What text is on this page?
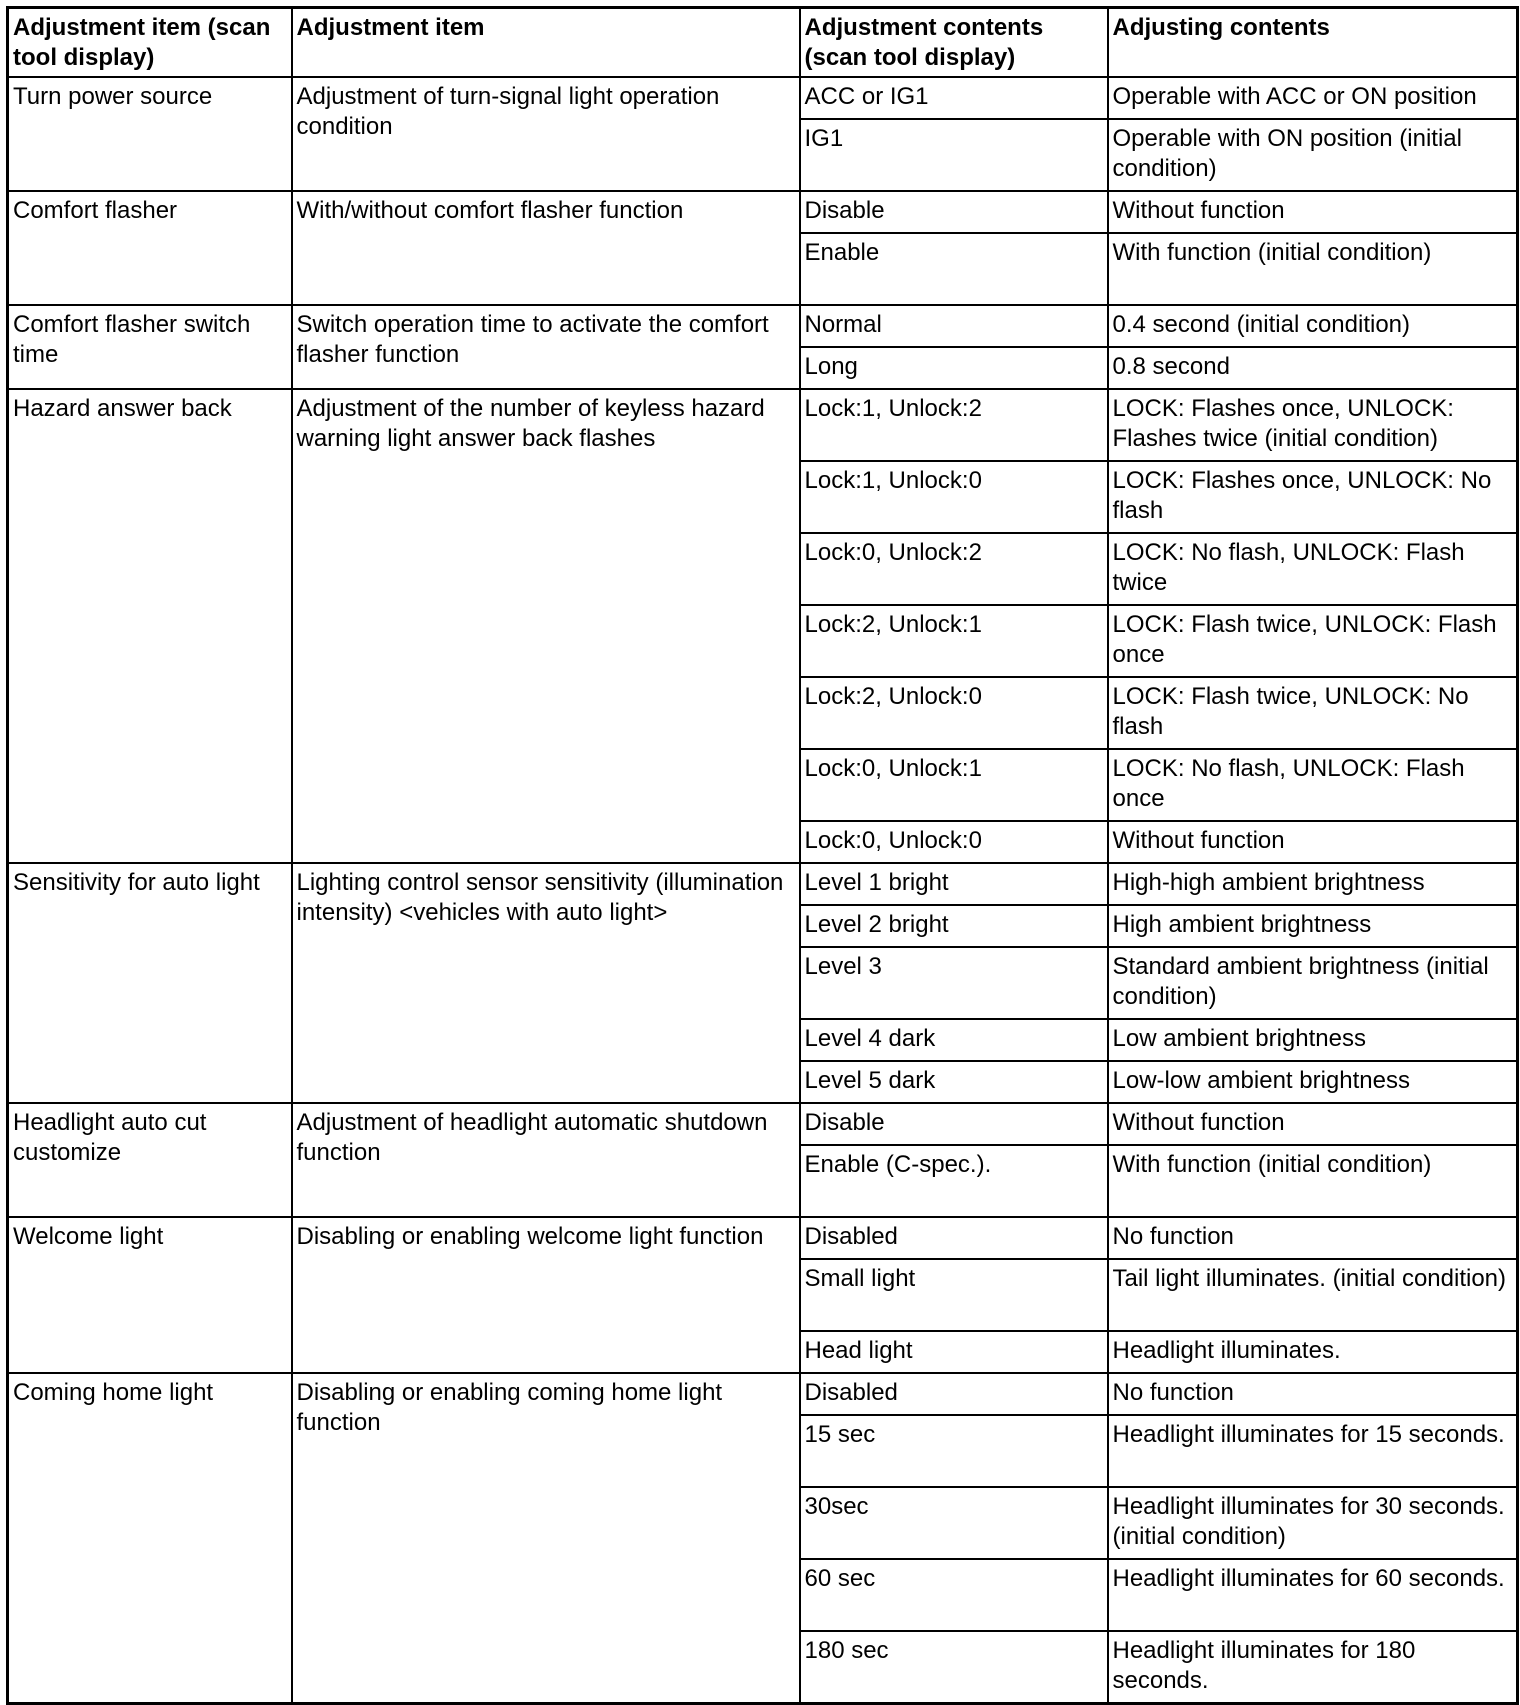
Adjustment item (scan tool display)	Adjustment item	Adjustment contents (scan tool display)	Adjusting contents
Turn power source	Adjustment of turn-signal light operation condition	ACC or IG1	Operable with ACC or ON position
		IG1	Operable with ON position (initial condition)
Comfort flasher	With/without comfort flasher function	Disable	Without function
		Enable	With function (initial condition)
Comfort flasher switch time	Switch operation time to activate the comfort flasher function	Normal	0.4 second (initial condition)
		Long	0.8 second
Hazard answer back	Adjustment of the number of keyless hazard warning light answer back flashes	Lock:1, Unlock:2	LOCK: Flashes once, UNLOCK: Flashes twice (initial condition)
		Lock:1, Unlock:0	LOCK: Flashes once, UNLOCK: No flash
		Lock:0, Unlock:2	LOCK: No flash, UNLOCK: Flash twice
		Lock:2, Unlock:1	LOCK: Flash twice, UNLOCK: Flash once
		Lock:2, Unlock:0	LOCK: Flash twice, UNLOCK: No flash
		Lock:0, Unlock:1	LOCK: No flash, UNLOCK: Flash once
		Lock:0, Unlock:0	Without function
Sensitivity for auto light	Lighting control sensor sensitivity (illumination intensity) <vehicles with auto light>	Level 1 bright	High-high ambient brightness
		Level 2 bright	High ambient brightness
		Level 3	Standard ambient brightness (initial condition)
		Level 4 dark	Low ambient brightness
		Level 5 dark	Low-low ambient brightness
Headlight auto cut customize	Adjustment of headlight automatic shutdown function	Disable	Without function
		Enable (C-spec.).	With function (initial condition)
Welcome light	Disabling or enabling welcome light function	Disabled	No function
		Small light	Tail light illuminates. (initial condition)
		Head light	Headlight illuminates.
Coming home light	Disabling or enabling coming home light function	Disabled	No function
		15 sec	Headlight illuminates for 15 seconds.
		30sec	Headlight illuminates for 30 seconds. (initial condition)
		60 sec	Headlight illuminates for 60 seconds.
		180 sec	Headlight illuminates for 180 seconds.
